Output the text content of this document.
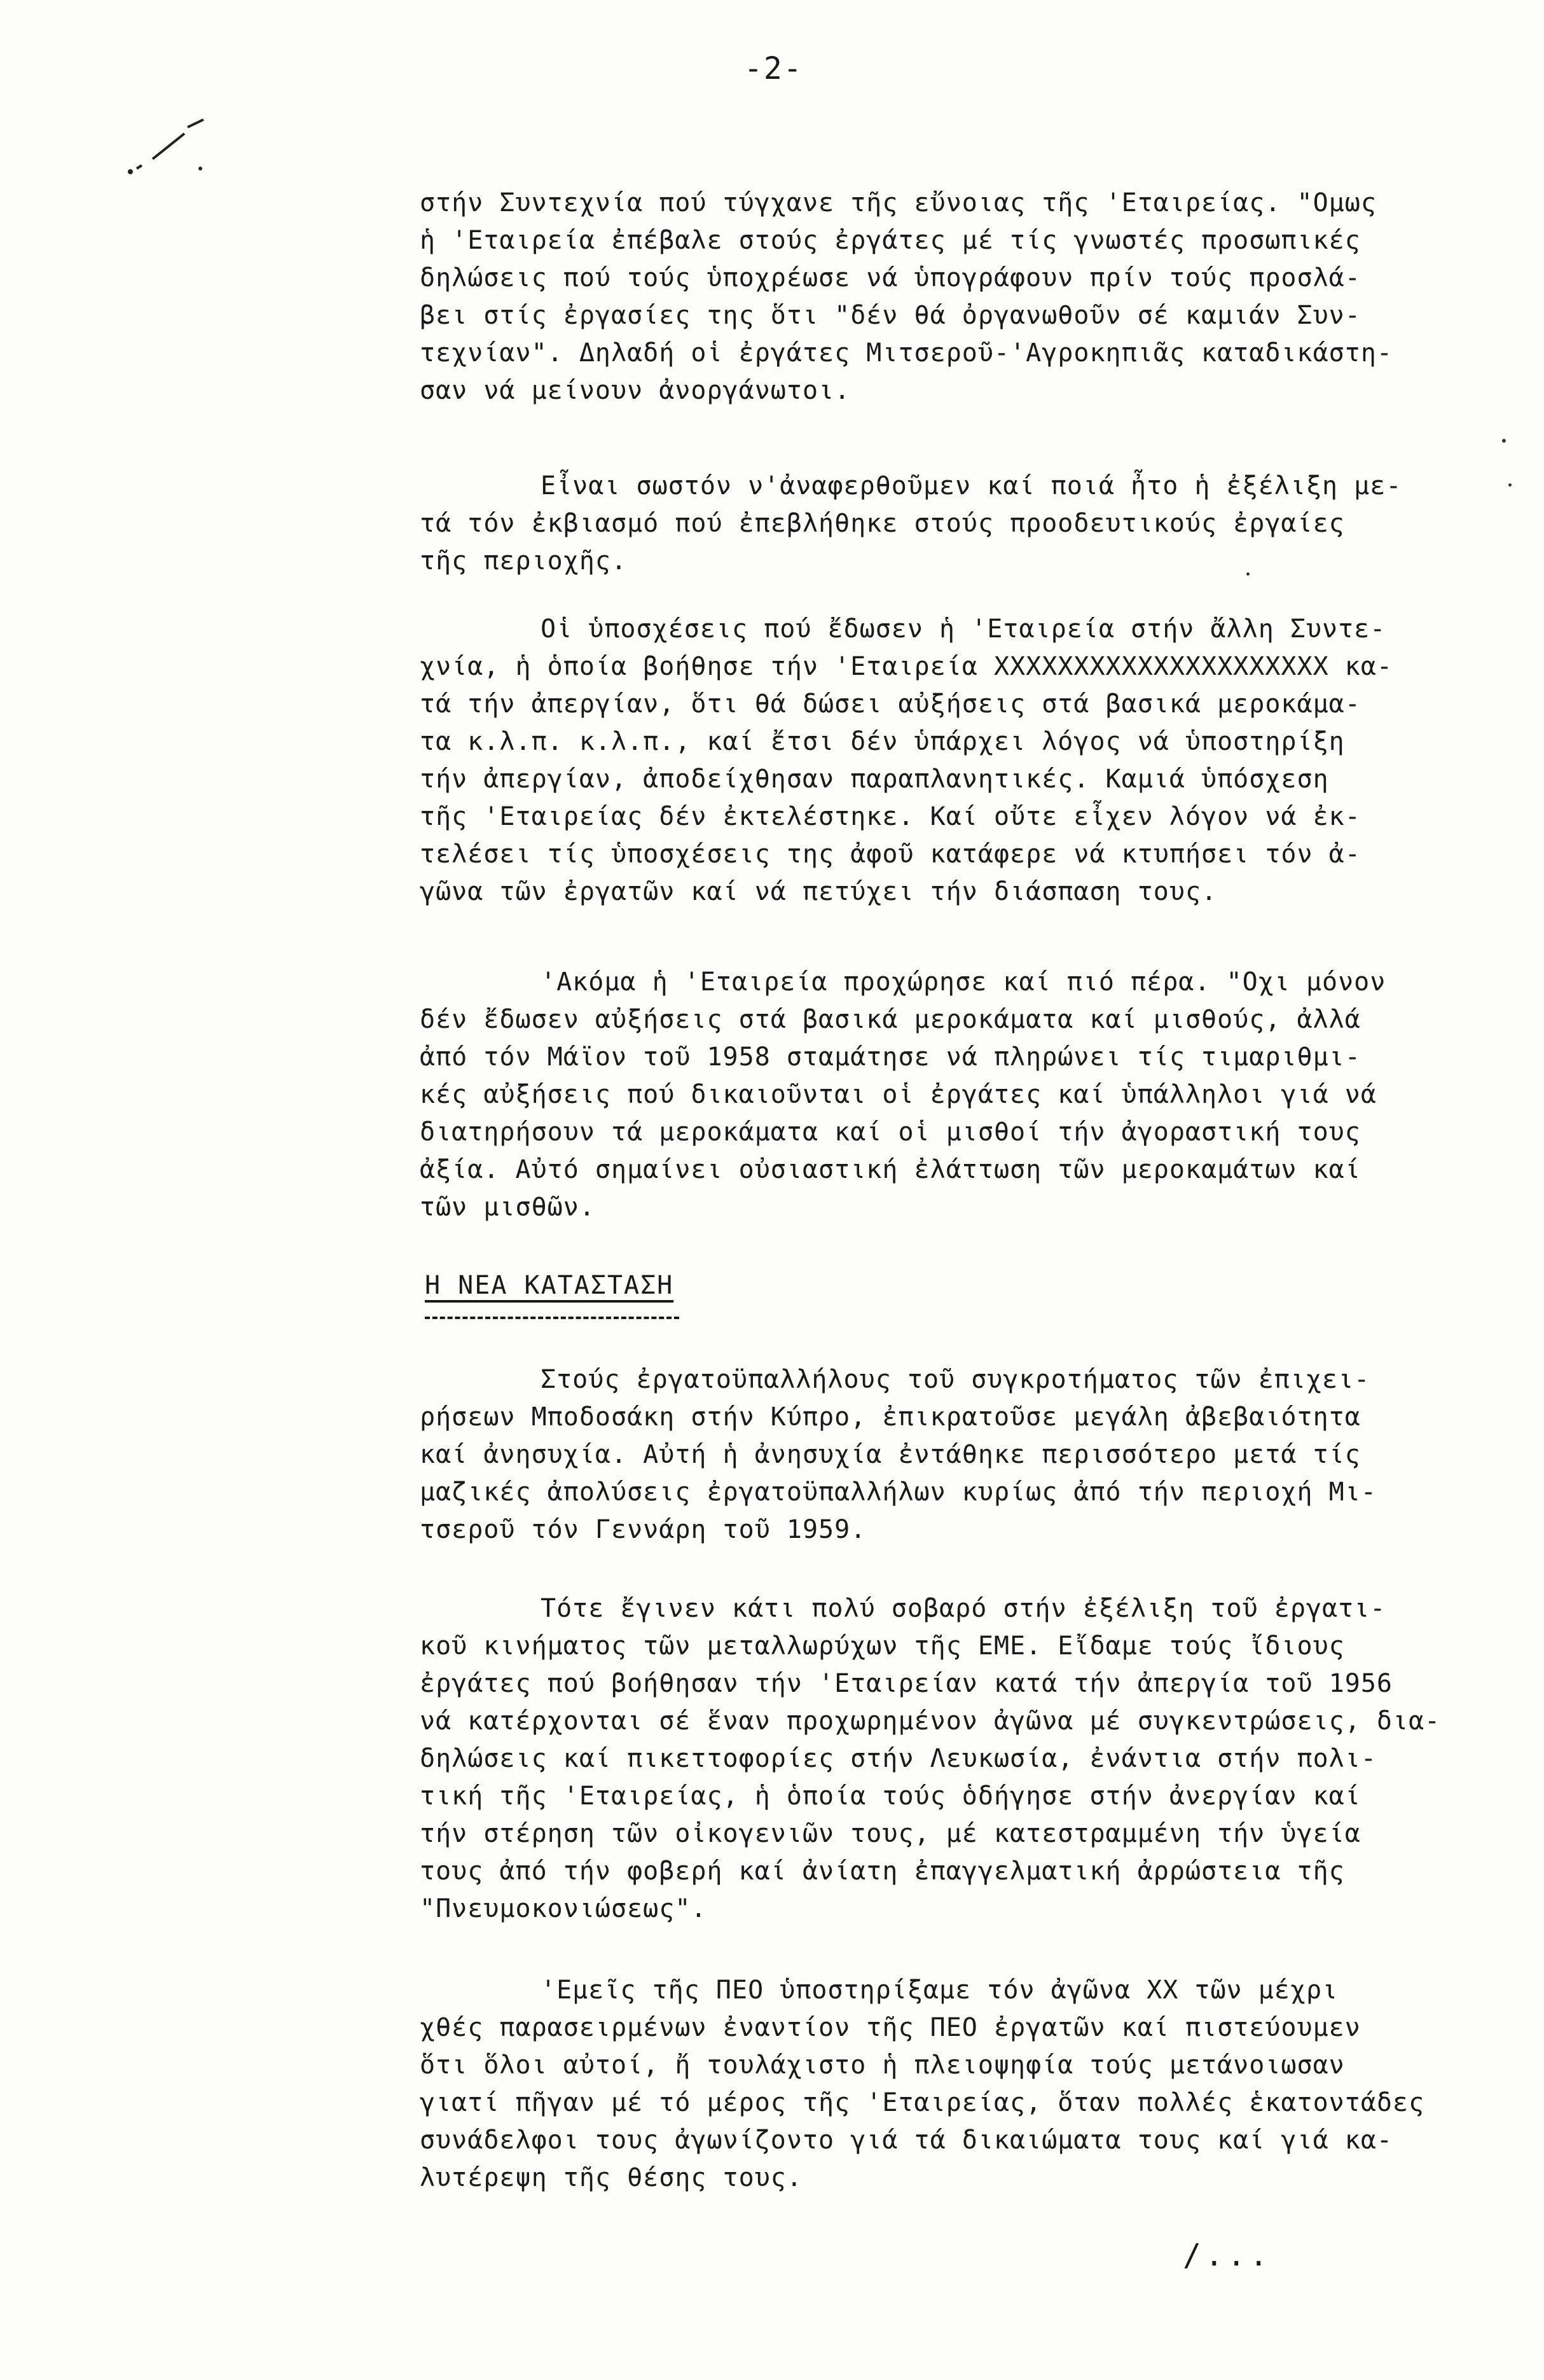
-2-
στήν Συντεχνία πού τύγχανε τῆς εὔνοιας τῆς 'Εταιρείας. "Ομως
ἡ 'Εταιρεία ἐπέβαλε στούς ἐργάτες μέ τίς γνωστές προσωπικές
δηλώσεις πού τούς ὑποχρέωσε νά ὑπογράφουν πρίν τούς προσλά-
βει στίς ἐργασίες της ὅτι "δέν θά ὀργανωθοῦν σέ καμιάν Συν-
τεχνίαν". Δηλαδή οἱ ἐργάτες Μιτσεροῦ-'Αγροκηπιᾶς καταδικάστη-
σαν νά μείνουν ἀνοργάνωτοι.
Εἶναι σωστόν ν'ἀναφερθοῦμεν καί ποιά ἦτο ἡ ἐξέλιξη με-
τά τόν ἐκβιασμό πού ἐπεβλήθηκε στούς προοδευτικούς ἐργαίες
τῆς περιοχῆς.
Οἱ ὑποσχέσεις πού ἔδωσεν ἡ 'Εταιρεία στήν ἄλλη Συντε-
χνία, ἡ ὁποία βοήθησε τήν 'Εταιρεία ΧΧΧΧΧΧΧΧΧΧΧΧΧΧΧΧΧΧΧΧΧ κα-
τά τήν ἀπεργίαν, ὅτι θά δώσει αὐξήσεις στά βασικά μεροκάμα-
τα κ.λ.π. κ.λ.π., καί ἔτσι δέν ὑπάρχει λόγος νά ὑποστηρίξη
τήν ἀπεργίαν, ἀποδείχθησαν παραπλανητικές. Καμιά ὑπόσχεση
τῆς 'Εταιρείας δέν ἐκτελέστηκε. Καί οὔτε εἶχεν λόγον νά ἐκ-
τελέσει τίς ὑποσχέσεις της ἀφοῦ κατάφερε νά κτυπήσει τόν ἀ-
γῶνα τῶν ἐργατῶν καί νά πετύχει τήν διάσπαση τους.
'Ακόμα ἡ 'Εταιρεία προχώρησε καί πιό πέρα. "Οχι μόνον
δέν ἔδωσεν αὐξήσεις στά βασικά μεροκάματα καί μισθούς, ἀλλά
ἀπό τόν Μάϊον τοῦ 1958 σταμάτησε νά πληρώνει τίς τιμαριθμι-
κές αὐξήσεις πού δικαιοῦνται οἱ ἐργάτες καί ὑπάλληλοι γιά νά
διατηρήσουν τά μεροκάματα καί οἱ μισθοί τήν ἀγοραστική τους
ἀξία. Αὐτό σημαίνει οὐσιαστική ἐλάττωση τῶν μεροκαμάτων καί
τῶν μισθῶν.
Η ΝΕΑ ΚΑΤΑΣΤΑΣΗ
Στούς ἐργατοϋπαλλήλους τοῦ συγκροτήματος τῶν ἐπιχει-
ρήσεων Μποδοσάκη στήν Κύπρο, ἐπικρατοῦσε μεγάλη ἀβεβαιότητα
καί ἀνησυχία. Αὐτή ἡ ἀνησυχία ἐντάθηκε περισσότερο μετά τίς
μαζικές ἀπολύσεις ἐργατοϋπαλλήλων κυρίως ἀπό τήν περιοχή Μι-
τσεροῦ τόν Γεννάρη τοῦ 1959.
Τότε ἔγινεν κάτι πολύ σοβαρό στήν ἐξέλιξη τοῦ ἐργατι-
κοῦ κινήματος τῶν μεταλλωρύχων τῆς ΕΜΕ. Εἴδαμε τούς ἴδιους
ἐργάτες πού βοήθησαν τήν 'Εταιρείαν κατά τήν ἀπεργία τοῦ 1956
νά κατέρχονται σέ ἕναν προχωρημένον ἀγῶνα μέ συγκεντρώσεις, δια-
δηλώσεις καί πικεττοφορίες στήν Λευκωσία, ἐνάντια στήν πολι-
τική τῆς 'Εταιρείας, ἡ ὁποία τούς ὁδήγησε στήν ἀνεργίαν καί
τήν στέρηση τῶν οἰκογενιῶν τους, μέ κατεστραμμένη τήν ὑγεία
τους ἀπό τήν φοβερή καί ἀνίατη ἐπαγγελματική ἀρρώστεια τῆς
"Πνευμοκονιώσεως".
'Εμεῖς τῆς ΠΕΟ ὑποστηρίξαμε τόν ἀγῶνα ΧΧ τῶν μέχρι
χθές παρασειρμένων ἐναντίον τῆς ΠΕΟ ἐργατῶν καί πιστεύουμεν
ὅτι ὅλοι αὐτοί, ἤ τουλάχιστο ἡ πλειοψηφία τούς μετάνοιωσαν
γιατί πῆγαν μέ τό μέρος τῆς 'Εταιρείας, ὅταν πολλές ἑκατοντάδες
συνάδελφοι τους ἀγωνίζοντο γιά τά δικαιώματα τους καί γιά κα-
λυτέρεψη τῆς θέσης τους.
/...
